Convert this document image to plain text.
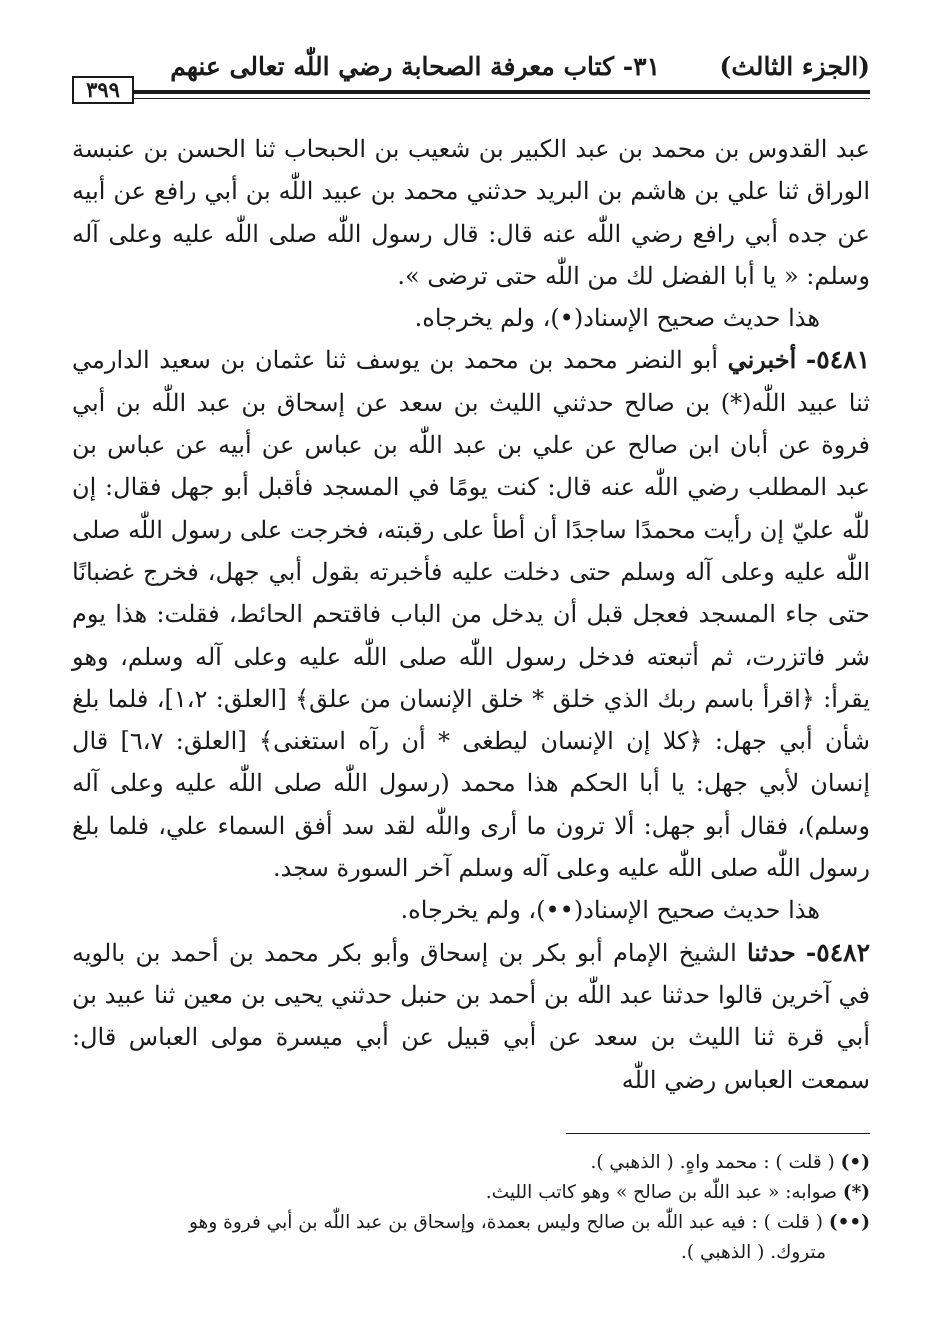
(الجزء الثالث)
٣١- كتاب معرفة الصحابة رضي اللّٰه تعالى عنهم
٣٩٩

عبد القدوس بن محمد بن عبد الكبير بن شعيب بن الحبحاب ثنا الحسن بن عنبسة الوراق ثنا علي بن هاشم بن البريد حدثني محمد بن عبيد اللّٰه بن أبي رافع عن أبيه عن جده أبي رافع رضي اللّٰه عنه قال: قال رسول اللّٰه صلى اللّٰه عليه وعلى آله وسلم: « يا أبا الفضل لك من اللّٰه حتى ترضى ».

هذا حديث صحيح الإسناد(•)، ولم يخرجاه.

٥٤٨١- أخبرني أبو النضر محمد بن محمد بن يوسف ثنا عثمان بن سعيد الدارمي ثنا عبيد اللّٰه(*) بن صالح حدثني الليث بن سعد عن إسحاق بن عبد اللّٰه بن أبي فروة عن أبان ابن صالح عن علي بن عبد اللّٰه بن عباس عن أبيه عن عباس بن عبد المطلب رضي اللّٰه عنه قال: كنت يومًا في المسجد فأقبل أبو جهل فقال: إن للّٰه عليّ إن رأيت محمدًا ساجدًا أن أطأ على رقبته، فخرجت على رسول اللّٰه صلى اللّٰه عليه وعلى آله وسلم حتى دخلت عليه فأخبرته بقول أبي جهل، فخرج غضبانًا حتى جاء المسجد فعجل قبل أن يدخل من الباب فاقتحم الحائط، فقلت: هذا يوم شر فاتزرت، ثم أتبعته فدخل رسول اللّٰه صلى اللّٰه عليه وعلى آله وسلم، وهو يقرأ: ﴿اقرأ باسم ربك الذي خلق * خلق الإنسان من علق﴾ [العلق: ١،٢]، فلما بلغ شأن أبي جهل: ﴿كلا إن الإنسان ليطغى * أن رآه استغنى﴾ [العلق: ٦،٧] قال إنسان لأبي جهل: يا أبا الحكم هذا محمد (رسول اللّٰه صلى اللّٰه عليه وعلى آله وسلم)، فقال أبو جهل: ألا ترون ما أرى واللّٰه لقد سد أفق السماء علي، فلما بلغ رسول اللّٰه صلى اللّٰه عليه وعلى آله وسلم آخر السورة سجد.

هذا حديث صحيح الإسناد(••)، ولم يخرجاه.

٥٤٨٢- حدثنا الشيخ الإمام أبو بكر بن إسحاق وأبو بكر محمد بن أحمد بن بالويه في آخرين قالوا حدثنا عبد اللّٰه بن أحمد بن حنبل حدثني يحيى بن معين ثنا عبيد بن أبي قرة ثنا الليث بن سعد عن أبي قبيل عن أبي ميسرة مولى العباس قال: سمعت العباس رضي اللّٰه

(•) ( قلت ) : محمد واهٍ. ( الذهبي ).

(*) صوابه: « عبد اللّٰه بن صالح » وهو كاتب الليث.

(••) ( قلت ) : فيه عبد اللّٰه بن صالح وليس بعمدة، وإسحاق بن عبد اللّٰه بن أبي فروة وهو

متروك. ( الذهبي ).
